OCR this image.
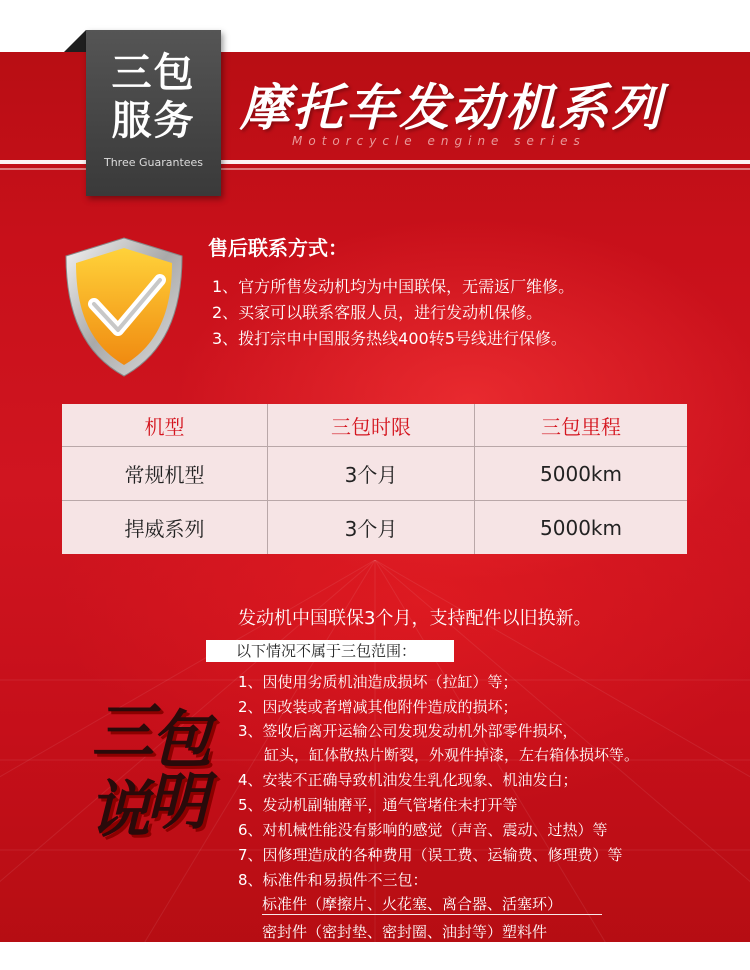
三包
服务
Three Guarantees
摩托车发动机系列
Motorcycle engine series
售后联系方式：
1、官方所售发动机均为中国联保，无需返厂维修。
2、买家可以联系客服人员，进行发动机保修。
3、拨打宗申中国服务热线400转5号线进行保修。
机型	三包时限	三包里程
常规机型	3个月	5000km
捍威系列	3个月	5000km
发动机中国联保3个月，支持配件以旧换新。
以下情况不属于三包范围：
三
包
说
明
1、因使用劣质机油造成损坏（拉缸）等；
2、因改装或者增减其他附件造成的损坏；
3、签收后离开运输公司发现发动机外部零件损坏，
缸头，缸体散热片断裂，外观件掉漆，左右箱体损坏等。
4、安装不正确导致机油发生乳化现象、机油发白；
5、发动机副轴磨平，通气管堵住未打开等
6、对机械性能没有影响的感觉（声音、震动、过热）等
7、因修理造成的各种费用（误工费、运输费、修理费）等
8、标准件和易损件不三包：
标准件（摩擦片、火花塞、离合器、活塞环）
密封件（密封垫、密封圈、油封等）塑料件
